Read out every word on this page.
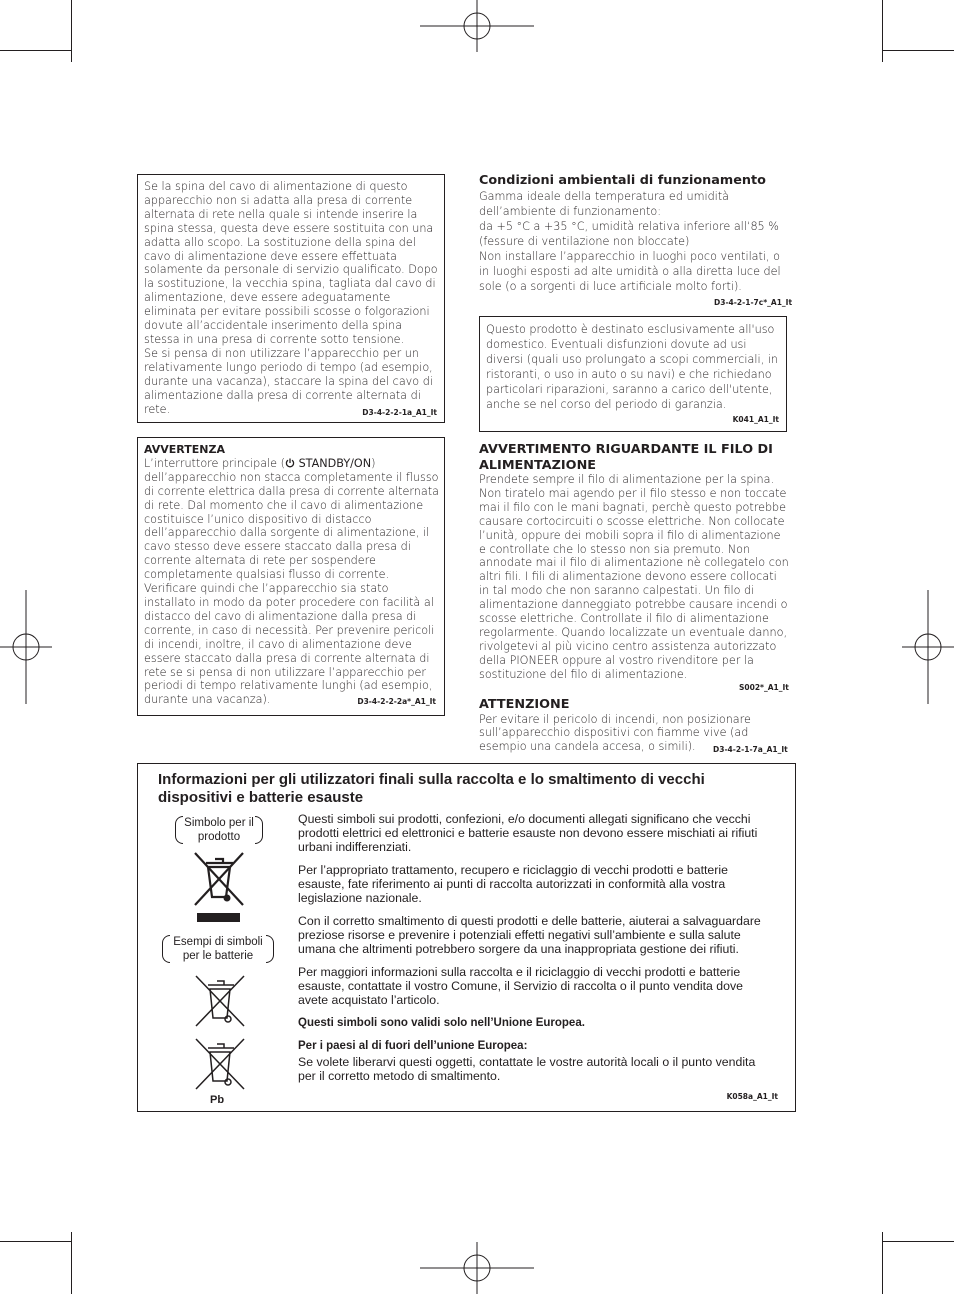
Se la spina del cavo di alimentazione di questo apparecchio non si adatta alla presa di corrente alternata di rete nella quale si intende inserire la spina stessa, questa deve essere sostituita con una adatta allo scopo. La sostituzione della spina del cavo di alimentazione deve essere effettuata solamente da personale di servizio qualificato. Dopo la sostituzione, la vecchia spina, tagliata dal cavo di alimentazione, deve essere adeguatamente eliminata per evitare possibili scosse o folgorazioni dovute all’accidentale inserimento della spina stessa in una presa di corrente sotto tensione.

Se si pensa di non utilizzare l’apparecchio per un relativamente lungo periodo di tempo (ad esempio, durante una vacanza), staccare la spina del cavo di alimentazione dalla presa di corrente alternata di rete.	D3-4-2-2-1a_A1_It

AVVERTENZA

L’interruttore principale ( STANDBY/ON) dell’apparecchio non stacca completamente il flusso di corrente elettrica dalla presa di corrente alternata di rete. Dal momento che il cavo di alimentazione costituisce l’unico dispositivo di distacco dell’apparecchio dalla sorgente di alimentazione, il cavo stesso deve essere staccato dalla presa di corrente alternata di rete per sospendere completamente qualsiasi flusso di corrente. Verificare quindi che l’apparecchio sia stato installato in modo da poter procedere con facilità al distacco del cavo di alimentazione dalla presa di corrente, in caso di necessità. Per prevenire pericoli di incendi, inoltre, il cavo di alimentazione deve essere staccato dalla presa di corrente alternata di rete se si pensa di non utilizzare l’apparecchio per periodi di tempo relativamente lunghi (ad esempio, durante una vacanza).	D3-4-2-2-2a*_A1_It

Condizioni ambientali di funzionamento

Gamma ideale della temperatura ed umidità dell’ambiente di funzionamento:

da +5 °C a +35 °C, umidità relativa inferiore all‘85 % (fessure di ventilazione non bloccate)

Non installare l’apparecchio in luoghi poco ventilati, o in luoghi esposti ad alte umidità o alla diretta luce del sole (o a sorgenti di luce artificiale molto forti).

D3-4-2-1-7c*_A1_It

Questo prodotto è destinato esclusivamente all'uso domestico. Eventuali disfunzioni dovute ad usi diversi (quali uso prolungato a scopi commerciali, in ristoranti, o uso in auto o su navi) e che richiedano particolari riparazioni, saranno a carico dell'utente, anche se nel corso del periodo di garanzia.

K041_A1_It

AVVERTIMENTO RIGUARDANTE IL FILO DI ALIMENTAZIONE

Prendete sempre il filo di alimentazione per la spina. Non tiratelo mai agendo per il filo stesso e non toccate mai il filo con le mani bagnati, perchè questo potrebbe causare cortocircuiti o scosse elettriche. Non collocate l’unità, oppure dei mobili sopra il filo di alimentazione e controllate che lo stesso non sia premuto. Non annodate mai il filo di alimentazione nè collegatelo con altri fili. I fili di alimentazione devono essere collocati in tal modo che non saranno calpestati. Un filo di alimentazione danneggiato potrebbe causare incendi o scosse elettriche. Controllate il filo di alimentazione regolarmente. Quando localizzate un eventuale danno, rivolgetevi al più vicino centro assistenza autorizzato della PIONEER oppure al vostro rivenditore per la sostituzione del filo di alimentazione.

S002*_A1_It

ATTENZIONE

Per evitare il pericolo di incendi, non posizionare sull’apparecchio dispositivi con fiamme vive (ad esempio una candela accesa, o simili).	D3-4-2-1-7a_A1_It

Informazioni per gli utilizzatori finali sulla raccolta e lo smaltimento di vecchi dispositivi e batterie esauste

Simbolo per il prodotto
Esempi di simboli per le batterie
Pb

Questi simboli sui prodotti, confezioni, e/o documenti allegati significano che vecchi prodotti elettrici ed elettronici e batterie esauste non devono essere mischiati ai rifiuti urbani indifferenziati.

Per l’appropriato trattamento, recupero e riciclaggio di vecchi prodotti e batterie esauste, fate riferimento ai punti di raccolta autorizzati in conformità alla vostra legislazione nazionale.

Con il corretto smaltimento di questi prodotti e delle batterie, aiuterai a salvaguardare preziose risorse e prevenire i potenziali effetti negativi sull’ambiente e sulla salute umana che altrimenti potrebbero sorgere da una inappropriata gestione dei rifiuti.

Per maggiori informazioni sulla raccolta e il riciclaggio di vecchi prodotti e batterie esauste, contattate il vostro Comune, il Servizio di raccolta o il punto vendita dove avete acquistato l’articolo.

Questi simboli sono validi solo nell’Unione Europea.

Per i paesi al di fuori dell’unione Europea:

Se volete liberarvi questi oggetti, contattate le vostre autorità locali o il punto vendita per il corretto metodo di smaltimento.

K058a_A1_It
